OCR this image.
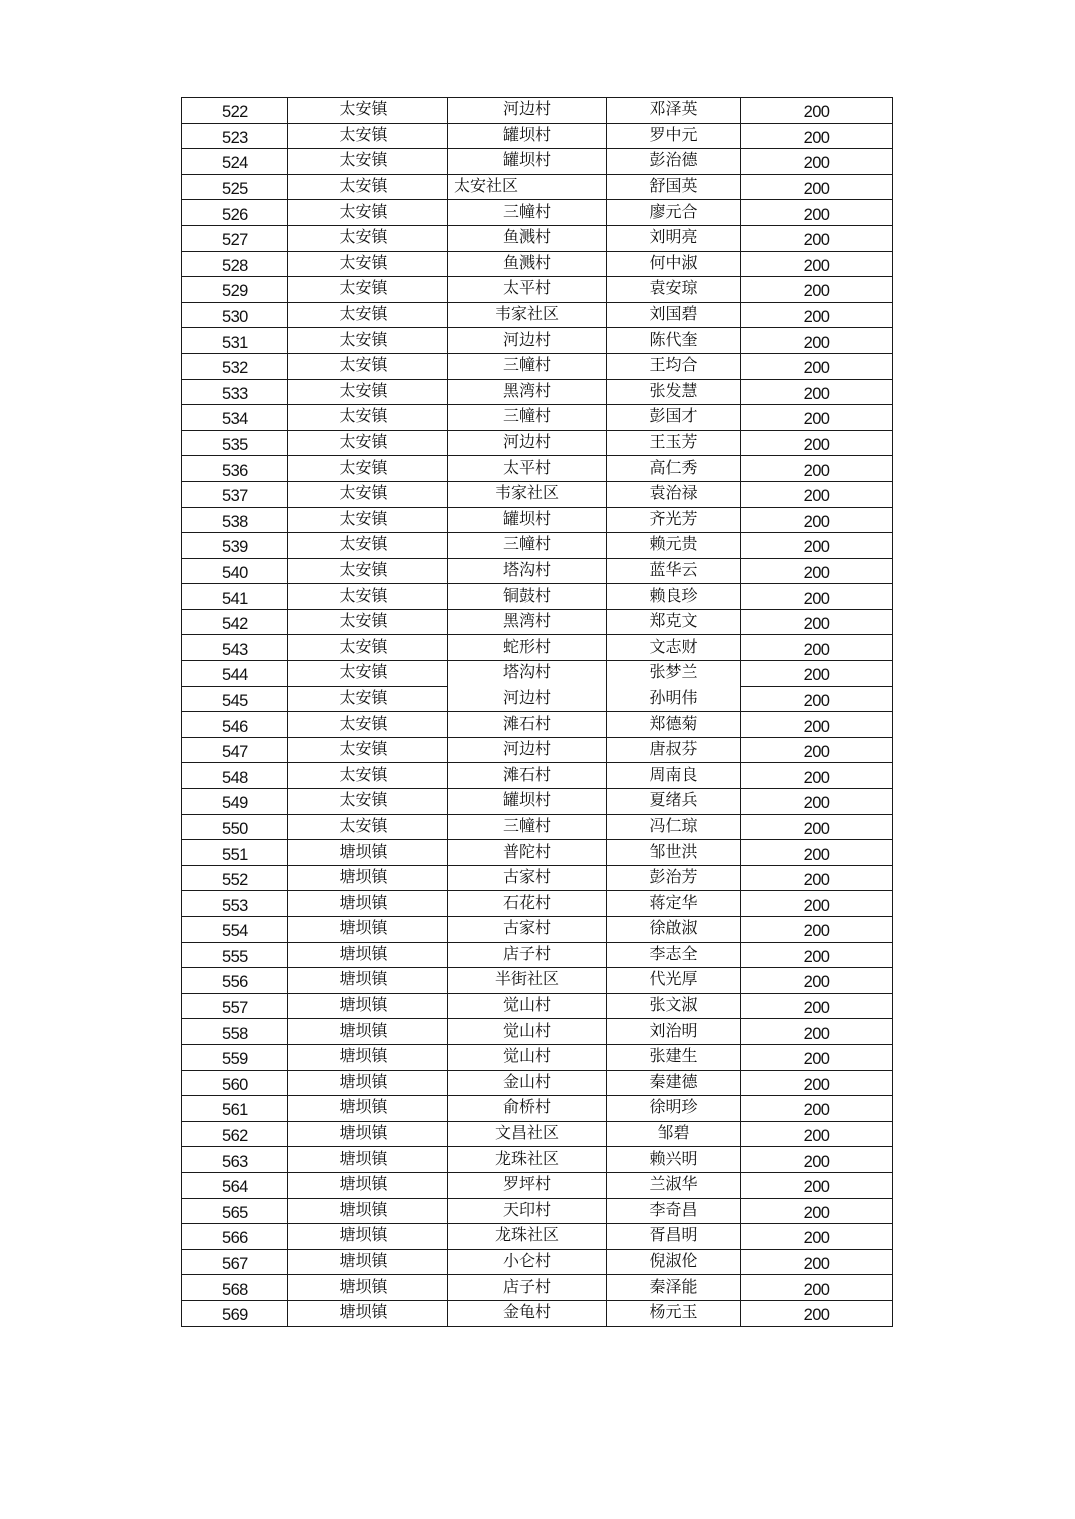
522	太安镇	河边村	邓泽英	200
523	太安镇	罐坝村	罗中元	200
524	太安镇	罐坝村	彭治德	200
525	太安镇	太安社区	舒国英	200
526	太安镇	三幢村	廖元合	200
527	太安镇	鱼溅村	刘明亮	200
528	太安镇	鱼溅村	何中淑	200
529	太安镇	太平村	袁安琼	200
530	太安镇	韦家社区	刘国碧	200
531	太安镇	河边村	陈代奎	200
532	太安镇	三幢村	王均合	200
533	太安镇	黑湾村	张发慧	200
534	太安镇	三幢村	彭国才	200
535	太安镇	河边村	王玉芳	200
536	太安镇	太平村	高仁秀	200
537	太安镇	韦家社区	袁治禄	200
538	太安镇	罐坝村	齐光芳	200
539	太安镇	三幢村	赖元贵	200
540	太安镇	塔沟村	蓝华云	200
541	太安镇	铜鼓村	赖良珍	200
542	太安镇	黑湾村	郑克文	200
543	太安镇	蛇形村	文志财	200
544	太安镇	塔沟村	张梦兰	200
545	太安镇	河边村	孙明伟	200
546	太安镇	滩石村	郑德菊	200
547	太安镇	河边村	唐叔芬	200
548	太安镇	滩石村	周南良	200
549	太安镇	罐坝村	夏绪兵	200
550	太安镇	三幢村	冯仁琼	200
551	塘坝镇	普陀村	邹世洪	200
552	塘坝镇	古家村	彭治芳	200
553	塘坝镇	石花村	蒋定华	200
554	塘坝镇	古家村	徐啟淑	200
555	塘坝镇	店子村	李志全	200
556	塘坝镇	半街社区	代光厚	200
557	塘坝镇	觉山村	张文淑	200
558	塘坝镇	觉山村	刘治明	200
559	塘坝镇	觉山村	张建生	200
560	塘坝镇	金山村	秦建德	200
561	塘坝镇	俞桥村	徐明珍	200
562	塘坝镇	文昌社区	邹碧	200
563	塘坝镇	龙珠社区	赖兴明	200
564	塘坝镇	罗坪村	兰淑华	200
565	塘坝镇	天印村	李奇昌	200
566	塘坝镇	龙珠社区	胥昌明	200
567	塘坝镇	小仑村	倪淑伦	200
568	塘坝镇	店子村	秦泽能	200
569	塘坝镇	金龟村	杨元玉	200
